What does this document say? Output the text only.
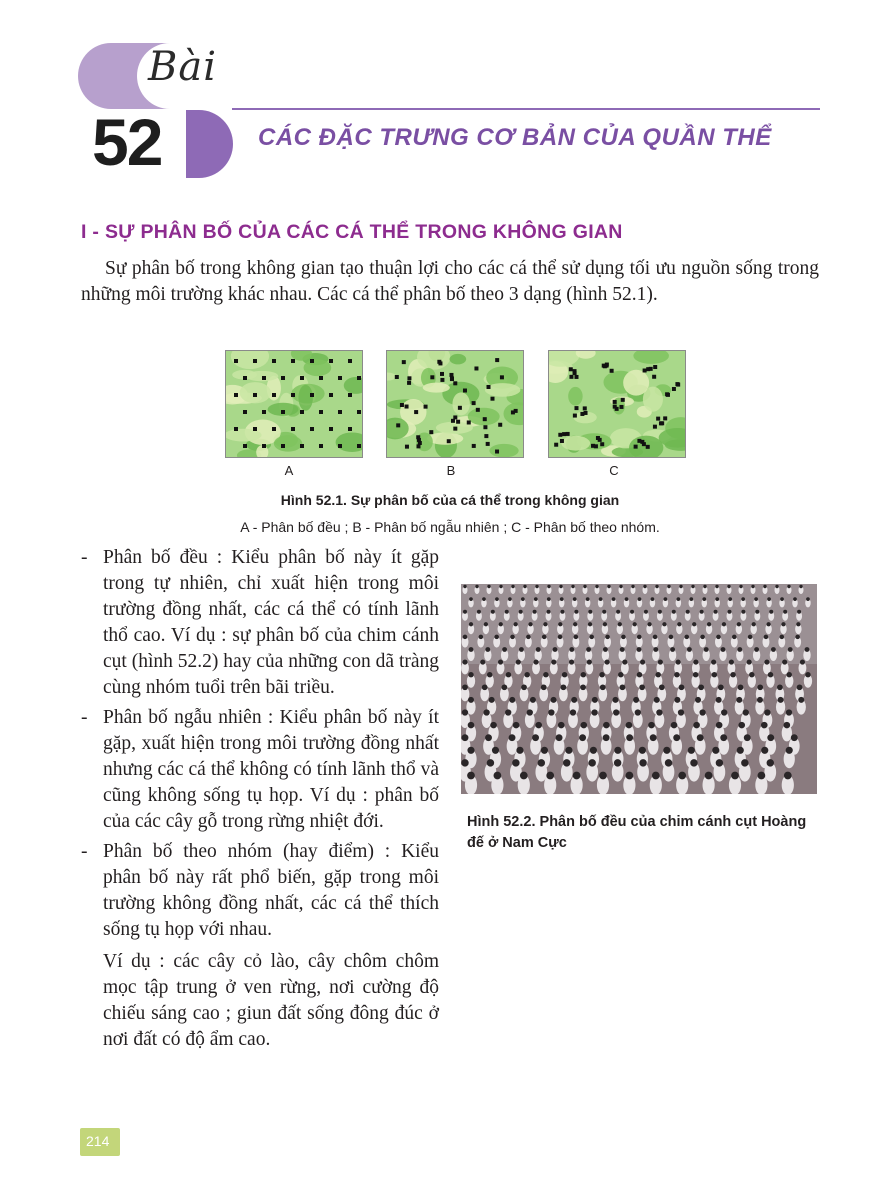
Bài
52	CÁC ĐẶC TRƯNG CƠ BẢN CỦA QUẦN THỂ
I - SỰ PHÂN BỐ CỦA CÁC CÁ THỂ TRONG KHÔNG GIAN
Sự phân bố trong không gian tạo thuận lợi cho các cá thể sử dụng tối ưu nguồn sống trong những môi trường khác nhau. Các cá thể phân bố theo 3 dạng (hình 52.1).
A	B	C
Hình 52.1. Sự phân bố của cá thể trong không gian
A - Phân bố đều ; B - Phân bố ngẫu nhiên ; C - Phân bố theo nhóm.
- Phân bố đều : Kiểu phân bố này ít gặp trong tự nhiên, chỉ xuất hiện trong môi trường đồng nhất, các cá thể có tính lãnh thổ cao. Ví dụ : sự phân bố của chim cánh cụt (hình 52.2) hay của những con dã tràng cùng nhóm tuổi trên bãi triều.
- Phân bố ngẫu nhiên : Kiểu phân bố này ít gặp, xuất hiện trong môi trường đồng nhất nhưng các cá thể không có tính lãnh thổ và cũng không sống tụ họp. Ví dụ : phân bố của các cây gỗ trong rừng nhiệt đới.
- Phân bố theo nhóm (hay điểm) : Kiểu phân bố này rất phổ biến, gặp trong môi trường không đồng nhất, các cá thể thích sống tụ họp với nhau.
Ví dụ : các cây cỏ lào, cây chôm chôm mọc tập trung ở ven rừng, nơi cường độ chiếu sáng cao ; giun đất sống đông đúc ở nơi đất có độ ẩm cao.
Hình 52.2. Phân bố đều của chim cánh cụt Hoàng đế ở Nam Cực
214
